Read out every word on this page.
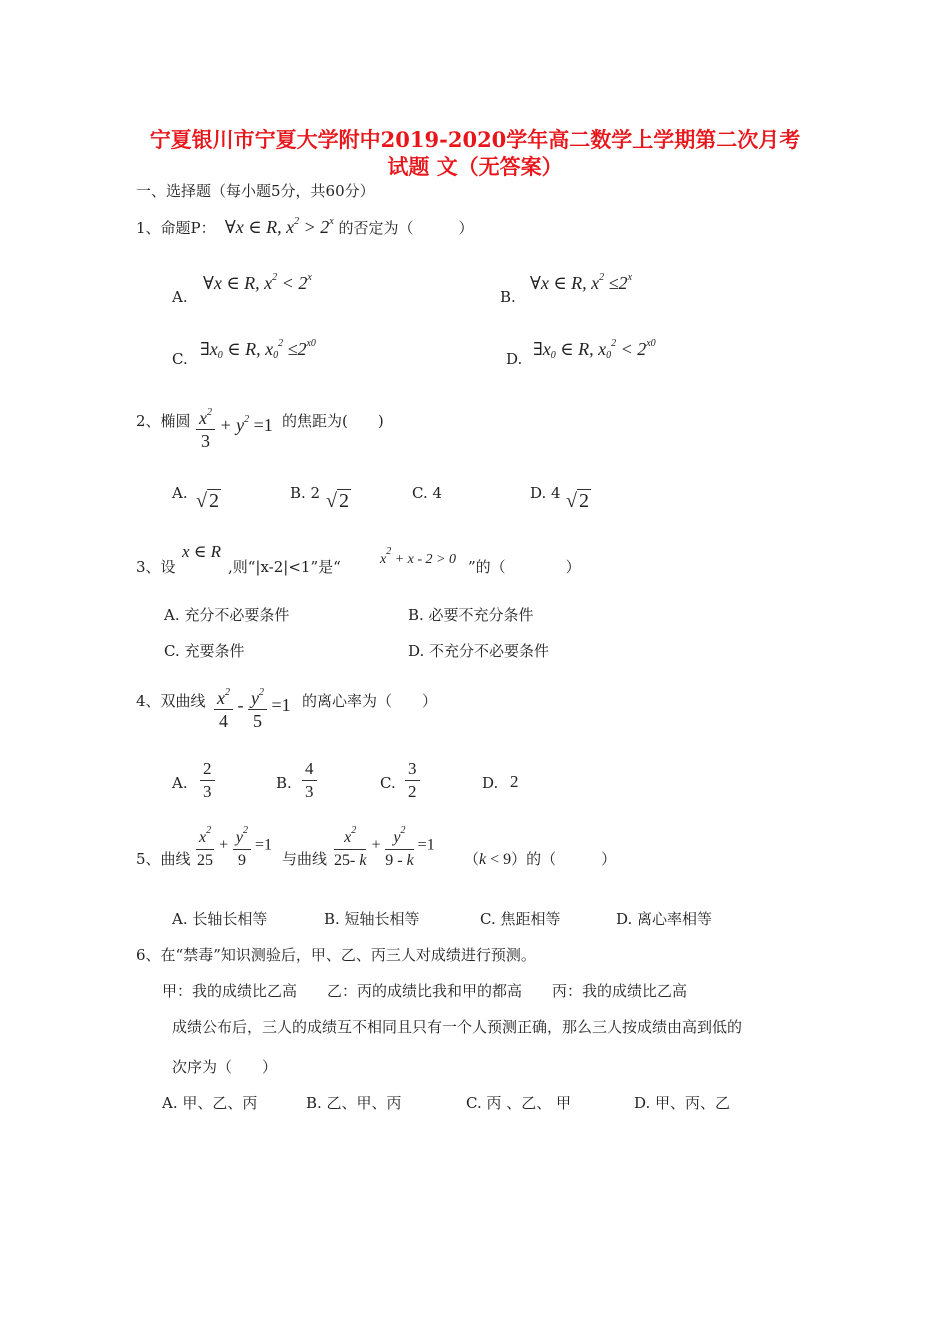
宁夏银川市宁夏大学附中2019-2020学年高二数学上学期第二次月考
试题 文（无答案）
一、选择题（每小题5分，共60分）
1、命题P：  ∀x ∈ R, $x^2 > 2^x$ 的否定为（　　　）
A.
∀x ∈ R, $x^2 < 2^x$
B.
∀x ∈ R, $x^2 \le 2^x$
C. $\exists x_0$ ∈ R, $x_0^2 \le 2^{x0}$
D. $\exists x_0$ ∈ R, $x_0^2 < 2^{x0}$
2、椭圆 $\frac{x^2}{3} + y^2 =1$ 的焦距为(　　)
A. √ 2	B. 2 √ 2	C. 4	D. 4 √ 2
3、设
x ∈ R
,则“|x-2|<1”是“	$x^2 + x - 2 > 0$ ”的（　　　　）
A. 充分不必要条件	B. 必要不充分条件
C. 充要条件	D. 不充分不必要条件
4、双曲线 $\frac{x^2}{4} - \frac{y^2}{5} =1$ 的离心率为（　　）
A. $\frac{2}{3}$	B. $\frac{4}{3}$	C. $\frac{3}{2}$	D. 2
5、曲线 $\frac{x^2}{25} + \frac{y^2}{9} =1$
与曲线 $\frac{x^2}{25- k} + \frac{y^2}{9 - k} =1$
（k < 9）的（　　　）
A. 长轴长相等	B. 短轴长相等	C. 焦距相等	D. 离心率相等
6、在“禁毒”知识测验后，甲、乙、丙三人对成绩进行预测。
甲：我的成绩比乙高　　乙：丙的成绩比我和甲的都高　　丙：我的成绩比乙高
成绩公布后，三人的成绩互不相同且只有一个人预测正确，那么三人按成绩由高到低的
次序为（　　）
A. 甲、乙、丙	B. 乙、甲、丙	C. 丙 、乙、 甲	D. 甲、丙、乙
